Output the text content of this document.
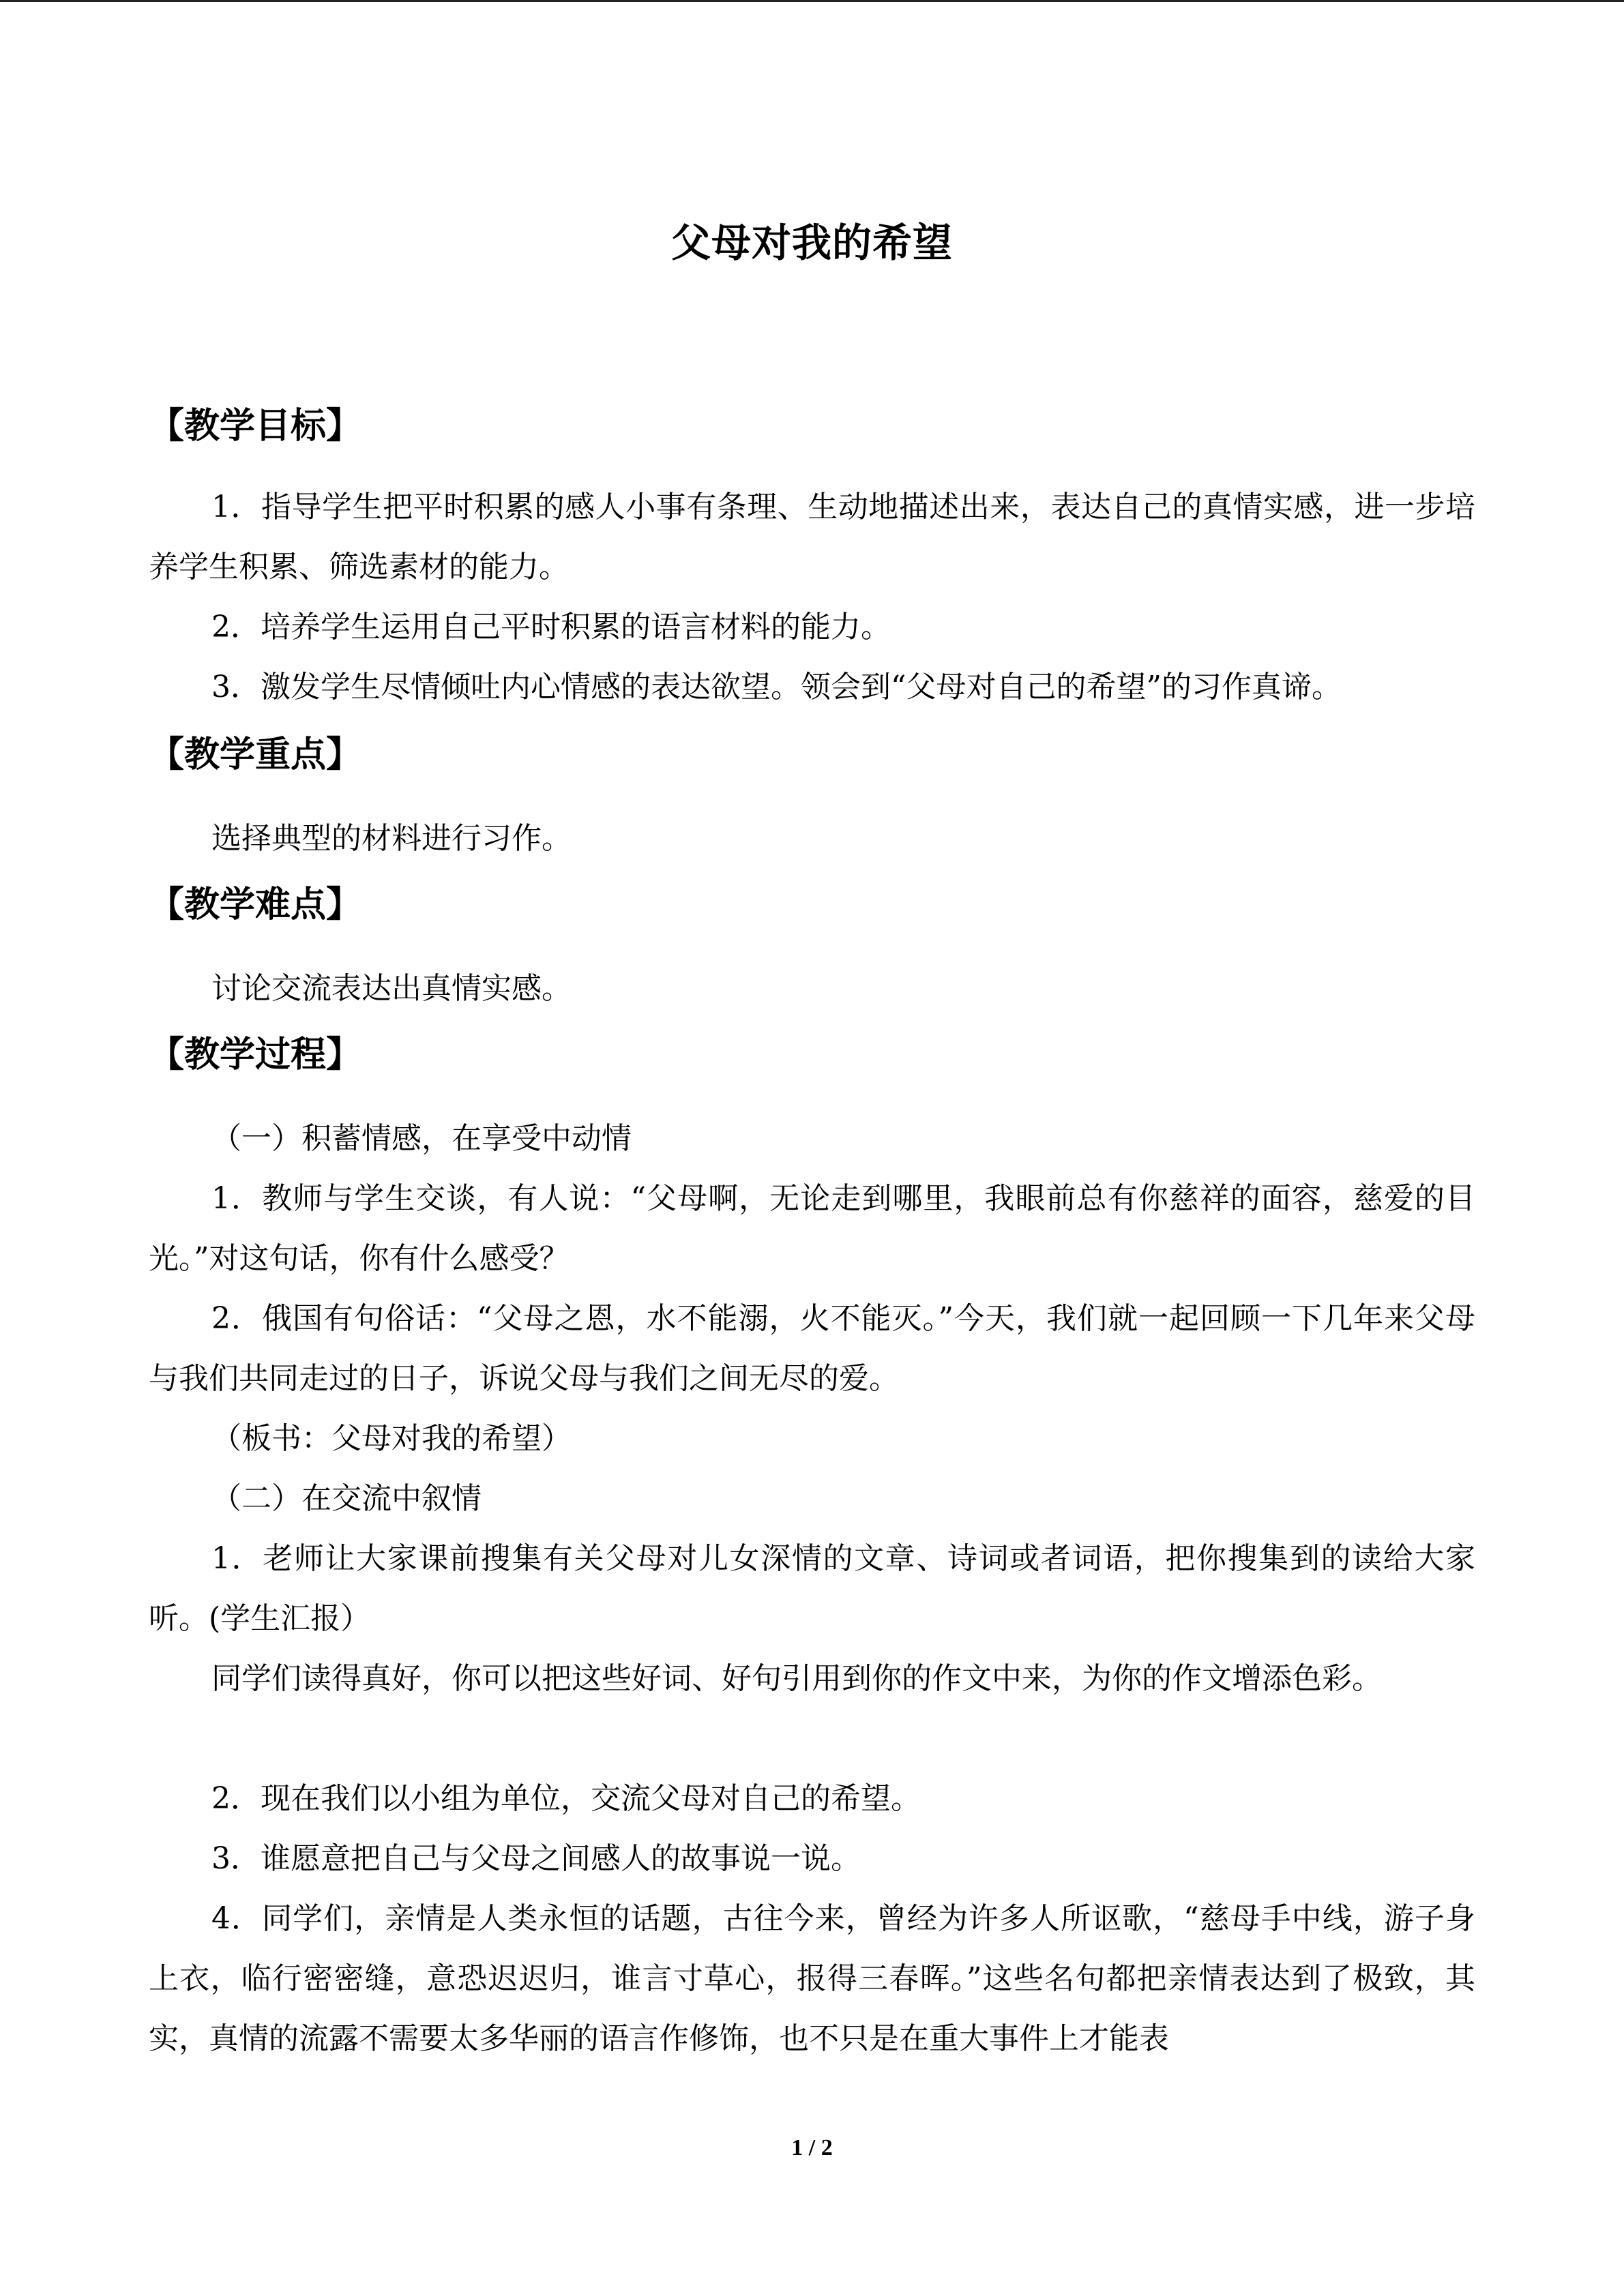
父母对我的希望
【教学目标】
1．指导学生把平时积累的感人小事有条理、生动地描述出来，表达自己的真情实感，进一步培养学生积累、筛选素材的能力。
2．培养学生运用自己平时积累的语言材料的能力。
3．激发学生尽情倾吐内心情感的表达欲望。领会到“父母对自己的希望”的习作真谛。
【教学重点】
选择典型的材料进行习作。
【教学难点】
讨论交流表达出真情实感。
【教学过程】
（一）积蓄情感，在享受中动情
1．教师与学生交谈，有人说：“父母啊，无论走到哪里，我眼前总有你慈祥的面容，慈爱的目光。”对这句话，你有什么感受？
2．俄国有句俗话：“父母之恩，水不能溺，火不能灭。”今天，我们就一起回顾一下几年来父母与我们共同走过的日子，诉说父母与我们之间无尽的爱。
（板书：父母对我的希望）
（二）在交流中叙情
1．老师让大家课前搜集有关父母对儿女深情的文章、诗词或者词语，把你搜集到的读给大家听。(学生汇报）
同学们读得真好，你可以把这些好词、好句引用到你的作文中来，为你的作文增添色彩。
2．现在我们以小组为单位，交流父母对自己的希望。
3．谁愿意把自己与父母之间感人的故事说一说。
4．同学们，亲情是人类永恒的话题，古往今来，曾经为许多人所讴歌，“慈母手中线，游子身上衣，临行密密缝，意恐迟迟归，谁言寸草心，报得三春晖。”这些名句都把亲情表达到了极致，其实，真情的流露不需要太多华丽的语言作修饰，也不只是在重大事件上才能表
1 / 2
